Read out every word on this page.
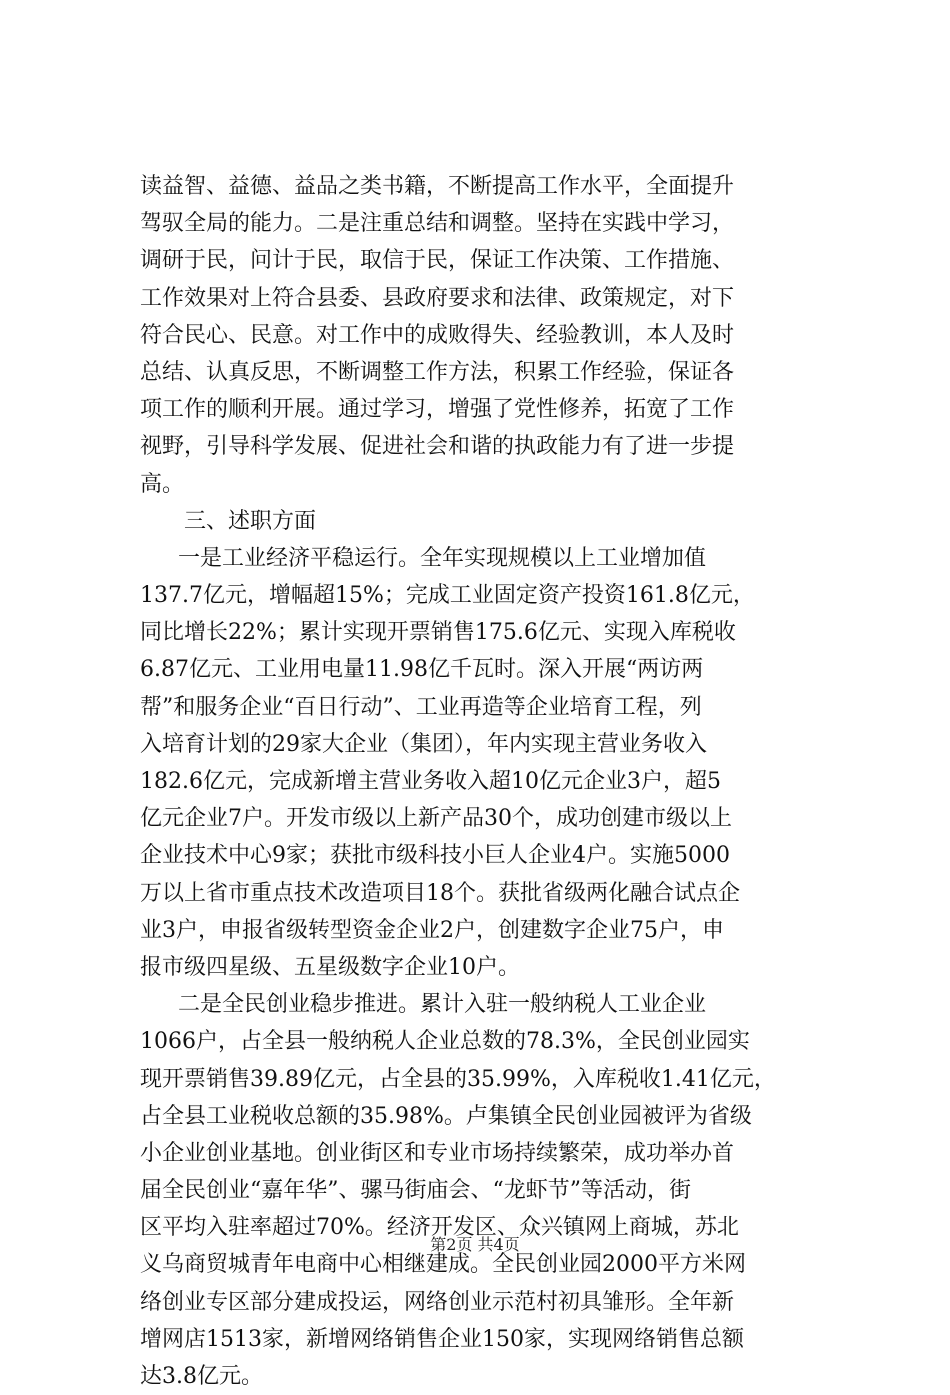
读益智、益德、益品之类书籍，不断提高工作水平，全面提升
驾驭全局的能力。二是注重总结和调整。坚持在实践中学习，
调研于民，问计于民，取信于民，保证工作决策、工作措施、
工作效果对上符合县委、县政府要求和法律、政策规定，对下
符合民心、民意。对工作中的成败得失、经验教训，本人及时
总结、认真反思，不断调整工作方法，积累工作经验，保证各
项工作的顺利开展。通过学习，增强了党性修养，拓宽了工作
视野，引导科学发展、促进社会和谐的执政能力有了进一步提
高。
三、述职方面
一是工业经济平稳运行。全年实现规模以上工业增加值
137.7亿元，增幅超15%；完成工业固定资产投资161.8亿元，
同比增长22%；累计实现开票销售175.6亿元、实现入库税收
6.87亿元、工业用电量11.98亿千瓦时。深入开展“两访两
帮”和服务企业“百日行动”、工业再造等企业培育工程，列
入培育计划的29家大企业（集团），年内实现主营业务收入
182.6亿元，完成新增主营业务收入超10亿元企业3户，超5
亿元企业7户。开发市级以上新产品30个，成功创建市级以上
企业技术中心9家；获批市级科技小巨人企业4户。实施5000
万以上省市重点技术改造项目18个。获批省级两化融合试点企
业3户，申报省级转型资金企业2户，创建数字企业75户，申
报市级四星级、五星级数字企业10户。
二是全民创业稳步推进。累计入驻一般纳税人工业企业
1066户，占全县一般纳税人企业总数的78.3%，全民创业园实
现开票销售39.89亿元，占全县的35.99%，入库税收1.41亿元，
占全县工业税收总额的35.98%。卢集镇全民创业园被评为省级
小企业创业基地。创业街区和专业市场持续繁荣，成功举办首
届全民创业“嘉年华”、骡马街庙会、“龙虾节”等活动，街
区平均入驻率超过70%。经济开发区、众兴镇网上商城，苏北
义乌商贸城青年电商中心相继建成。全民创业园2000平方米网
络创业专区部分建成投运，网络创业示范村初具雏形。全年新
增网店1513家，新增网络销售企业150家，实现网络销售总额
达3.8亿元。
第2页 共4页
